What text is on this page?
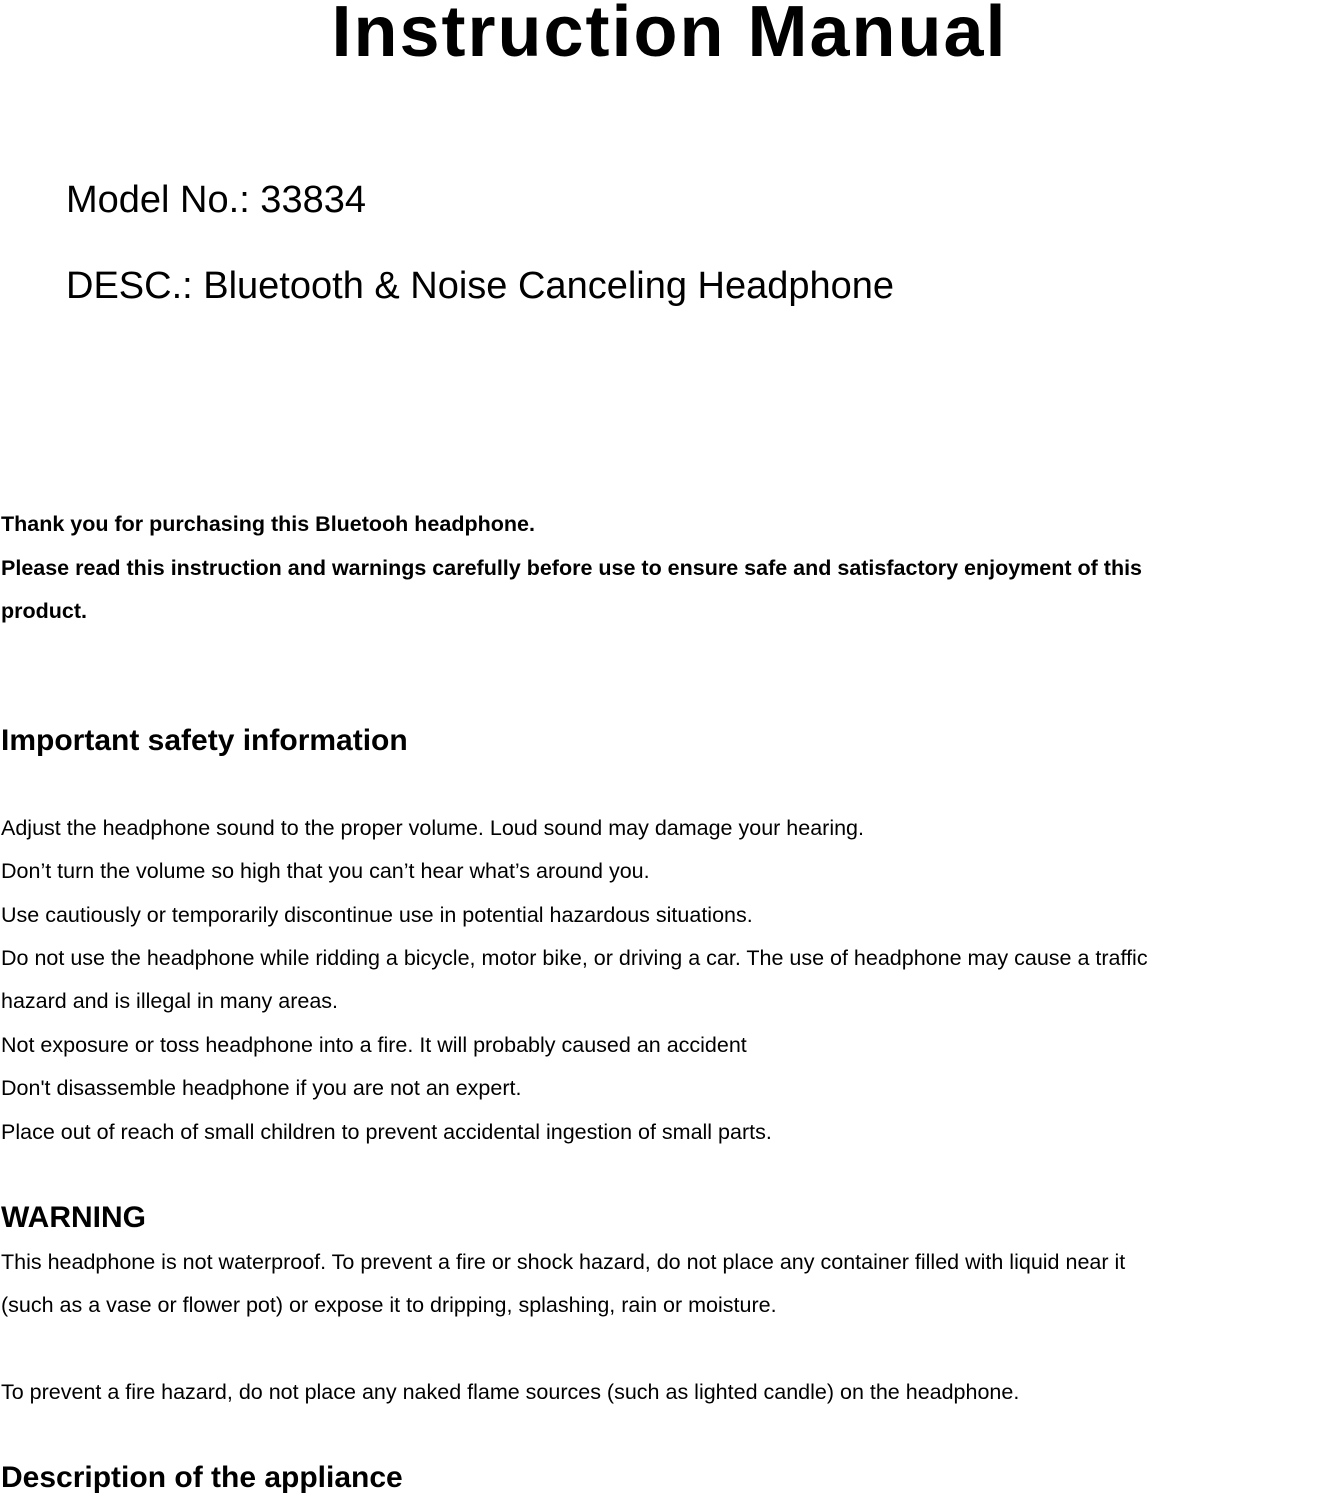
Instruction Manual
Model No.: 33834
DESC.: Bluetooth & Noise Canceling Headphone
Thank you for purchasing this Bluetooh headphone.
Please read this instruction and warnings carefully before use to ensure safe and satisfactory enjoyment of this
product.
Important safety information
Adjust the headphone sound to the proper volume. Loud sound may damage your hearing.
Don’t turn the volume so high that you can’t hear what’s around you.
Use cautiously or temporarily discontinue use in potential hazardous situations.
Do not use the headphone while ridding a bicycle, motor bike, or driving a car. The use of headphone may cause a traffic
hazard and is illegal in many areas.
Not exposure or toss headphone into a fire. It will probably caused an accident
Don't disassemble headphone if you are not an expert.
Place out of reach of small children to prevent accidental ingestion of small parts.
WARNING
This headphone is not waterproof. To prevent a fire or shock hazard, do not place any container filled with liquid near it
(such as a vase or flower pot) or expose it to dripping, splashing, rain or moisture.
To prevent a fire hazard, do not place any naked flame sources (such as lighted candle) on the headphone.
Description of the appliance
